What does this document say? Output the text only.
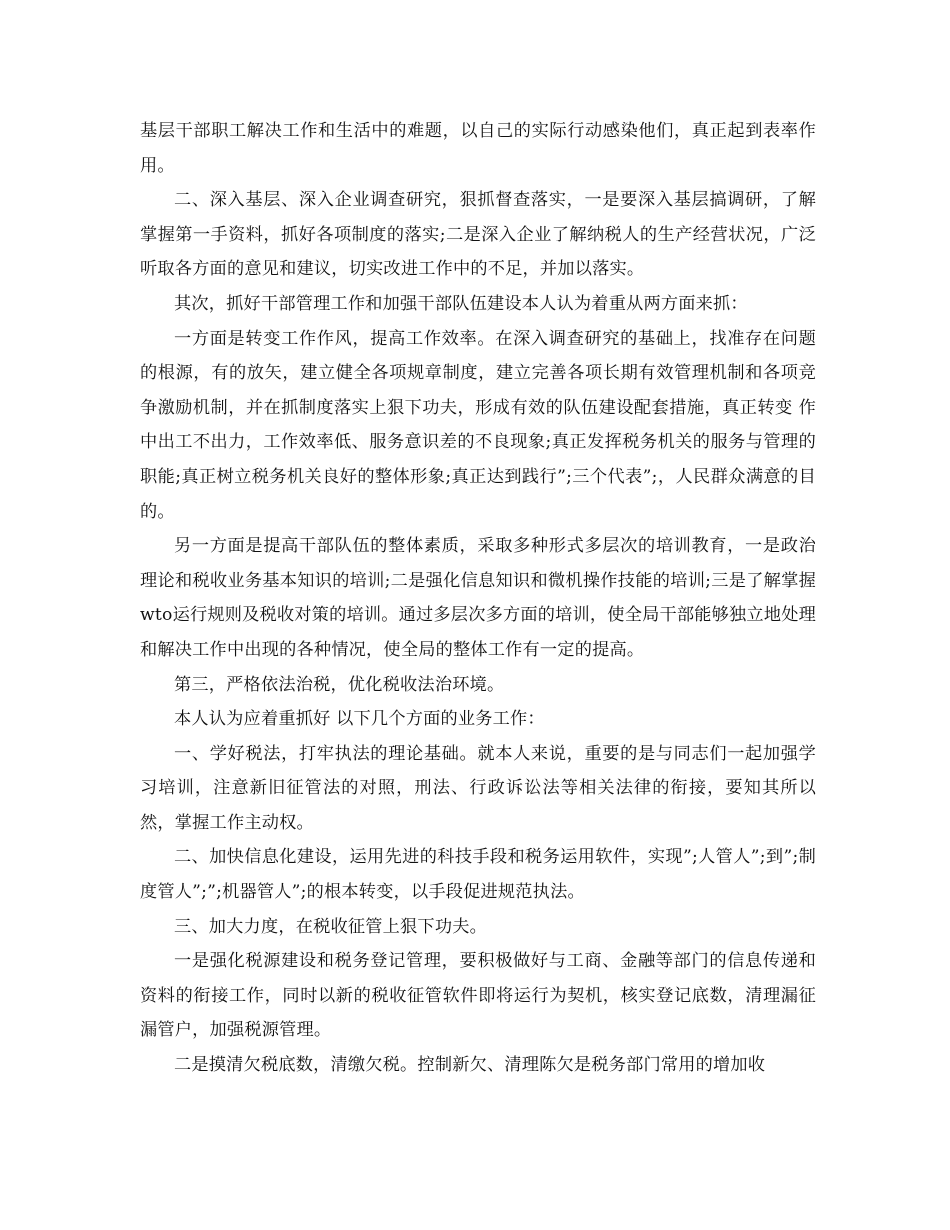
基层干部职工解决工作和生活中的难题，以自己的实际行动感染他们，真正起到表率作用。

二、深入基层、深入企业调查研究，狠抓督查落实，一是要深入基层搞调研，了解掌握第一手资料，抓好各项制度的落实;二是深入企业了解纳税人的生产经营状况，广泛听取各方面的意见和建议，切实改进工作中的不足，并加以落实。

其次，抓好干部管理工作和加强干部队伍建设本人认为着重从两方面来抓：

一方面是转变工作作风，提高工作效率。在深入调查研究的基础上，找准存在问题的根源，有的放矢，建立健全各项规章制度，建立完善各项长期有效管理机制和各项竞争激励机制，并在抓制度落实上狠下功夫，形成有效的队伍建设配套措施，真正转变 作中出工不出力，工作效率低、服务意识差的不良现象;真正发挥税务机关的服务与管理的职能;真正树立税务机关良好的整体形象;真正达到践行”;三个代表”;，人民群众满意的目的。

另一方面是提高干部队伍的整体素质，采取多种形式多层次的培训教育，一是政治理论和税收业务基本知识的培训;二是强化信息知识和微机操作技能的培训;三是了解掌握wto运行规则及税收对策的培训。通过多层次多方面的培训，使全局干部能够独立地处理和解决工作中出现的各种情况，使全局的整体工作有一定的提高。

第三，严格依法治税，优化税收法治环境。

本人认为应着重抓好 以下几个方面的业务工作：

一、学好税法，打牢执法的理论基础。就本人来说，重要的是与同志们一起加强学习培训，注意新旧征管法的对照，刑法、行政诉讼法等相关法律的衔接，要知其所以然，掌握工作主动权。

二、加快信息化建设，运用先进的科技手段和税务运用软件，实现”;人管人”;到”;制度管人”;”;机器管人”;的根本转变，以手段促进规范执法。

三、加大力度，在税收征管上狠下功夫。

一是强化税源建设和税务登记管理，要积极做好与工商、金融等部门的信息传递和资料的衔接工作，同时以新的税收征管软件即将运行为契机，核实登记底数，清理漏征漏管户，加强税源管理。

二是摸清欠税底数，清缴欠税。控制新欠、清理陈欠是税务部门常用的增加收
